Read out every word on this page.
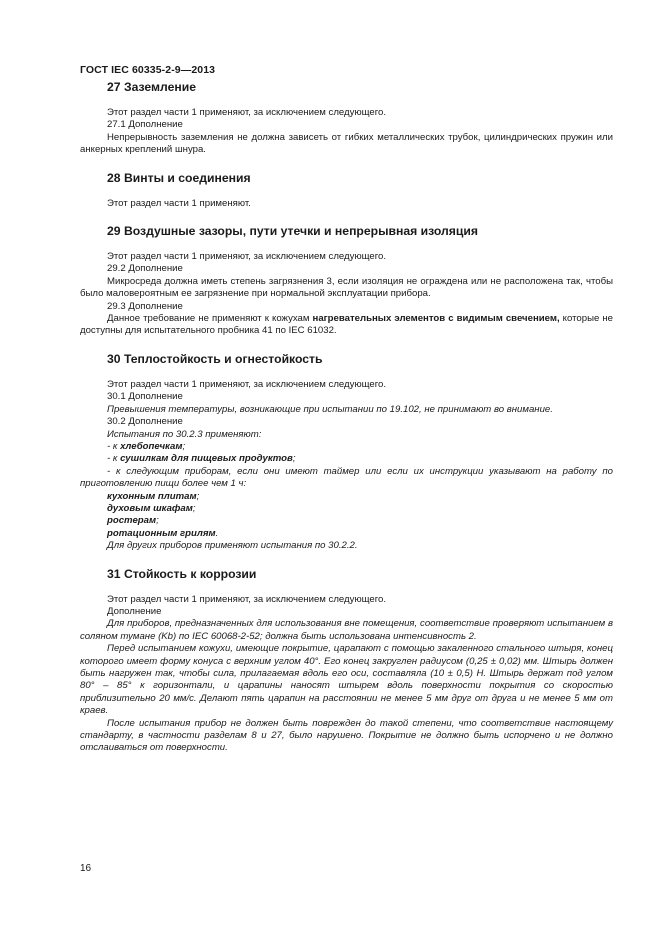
ГОСТ IEC 60335-2-9—2013
27 Заземление

Этот раздел части 1 применяют, за исключением следующего.

27.1 Дополнение

Непрерывность заземления не должна зависеть от гибких металлических трубок, цилиндрических пружин или анкерных креплений шнура.

28 Винты и соединения

Этот раздел части 1 применяют.

29 Воздушные зазоры, пути утечки и непрерывная изоляция

Этот раздел части 1 применяют, за исключением следующего.

29.2 Дополнение

Микросреда должна иметь степень загрязнения 3, если изоляция не ограждена или не расположена так, чтобы было маловероятным ее загрязнение при нормальной эксплуатации прибора.

29.3 Дополнение

Данное требование не применяют к кожухам нагревательных элементов с видимым свечением, которые не доступны для испытательного пробника 41 по IEC 61032.

30 Теплостойкость и огнестойкость

Этот раздел части 1 применяют, за исключением следующего.

30.1 Дополнение

Превышения температуры, возникающие при испытании по 19.102, не принимают во внимание.

30.2 Дополнение

Испытания по 30.2.3 применяют:

- к хлебопечкам;

- к сушилкам для пищевых продуктов;

- к следующим приборам, если они имеют таймер или если их инструкции указывают на работу по приготовлению пищи более чем 1 ч:

кухонным плитам;

духовым шкафам;

ростерам;

ротационным грилям.

Для других приборов применяют испытания по 30.2.2.

31 Стойкость к коррозии

Этот раздел части 1 применяют, за исключением следующего.

Дополнение

Для приборов, предназначенных для использования вне помещения, соответствие проверяют испытанием в соляном тумане (Kb) по IEC 60068-2-52; должна быть использована интенсивность 2.

Перед испытанием кожухи, имеющие покрытие, царапают с помощью закаленного стального штыря, конец которого имеет форму конуса с верхним углом 40°. Его конец закруглен радиусом (0,25 ± 0,02) мм. Штырь должен быть нагружен так, чтобы сила, прилагаемая вдоль его оси, составляла (10 ± 0,5) Н. Штырь держат под углом 80° – 85° к горизонтали, и царапины наносят штырем вдоль поверхности покрытия со скоростью приблизительно 20 мм/с. Делают пять царапин на расстоянии не менее 5 мм друг от друга и не менее 5 мм от краев.

После испытания прибор не должен быть поврежден до такой степени, что соответствие настоящему стандарту, в частности разделам 8 и 27, было нарушено. Покрытие не должно быть испорчено и не должно отслаиваться от поверхности.

16
